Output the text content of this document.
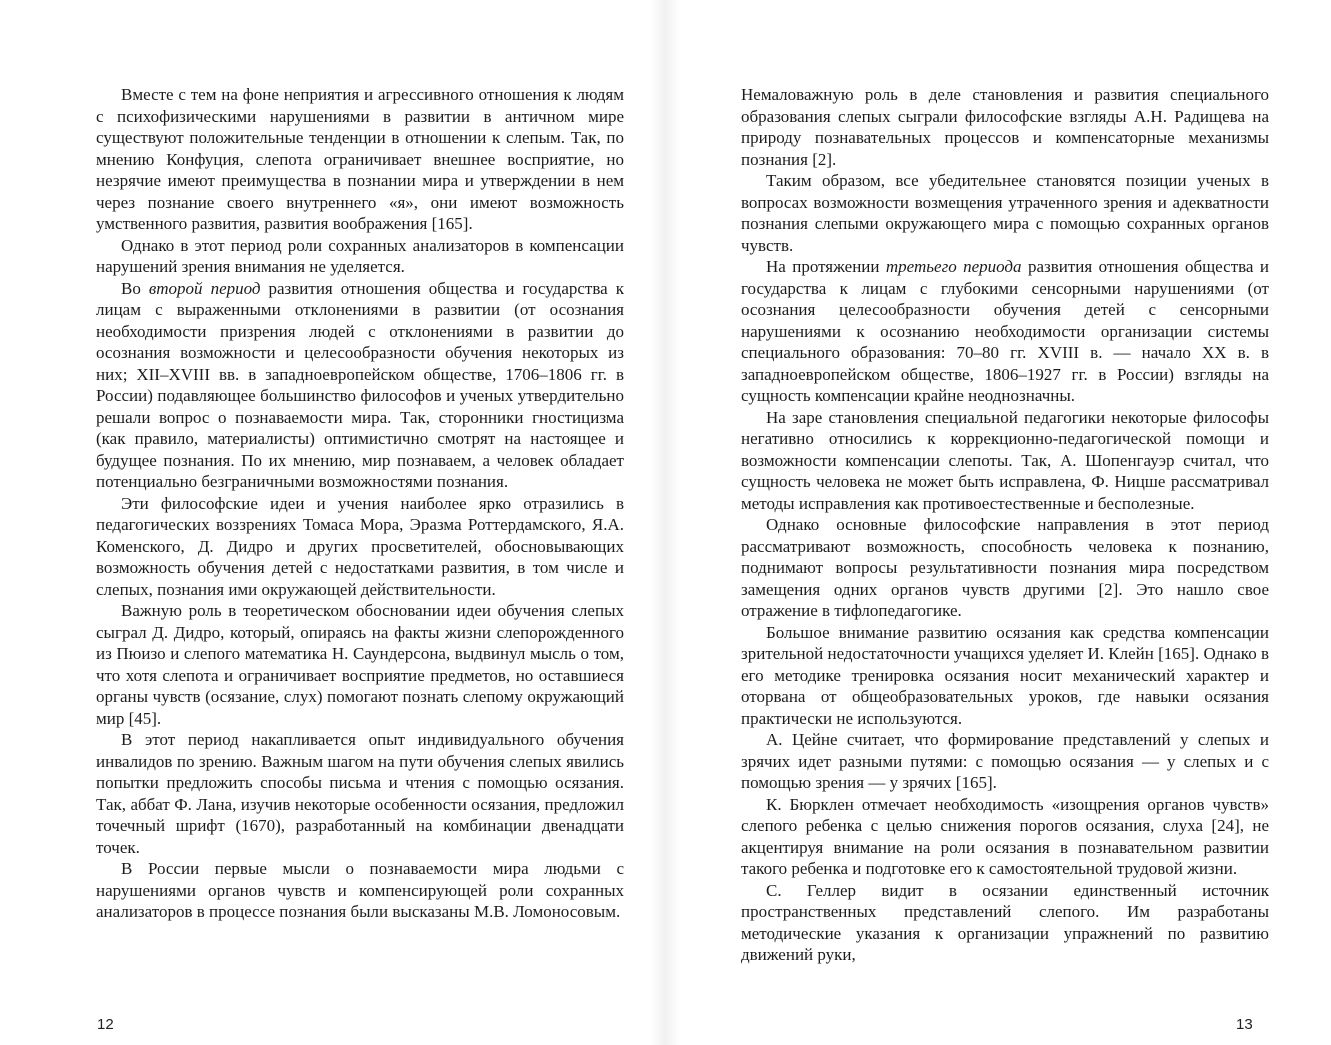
Вместе с тем на фоне неприятия и агрессивного отношения к людям с психофизическими нарушениями в развитии в античном мире существуют положительные тенденции в отношении к слепым. Так, по мнению Конфуция, слепота ограничивает внешнее восприятие, но незрячие имеют преимущества в познании мира и утверждении в нем через познание своего внутреннего «я», они имеют возможность умственного развития, развития воображения [165].

Однако в этот период роли сохранных анализаторов в компенсации нарушений зрения внимания не уделяется.

Во второй период развития отношения общества и государства к лицам с выраженными отклонениями в развитии (от осознания необходимости призрения людей с отклонениями в развитии до осознания возможности и целесообразности обучения некоторых из них; XII–XVIII вв. в западноевропейском обществе, 1706–1806 гг. в России) подавляющее большинство философов и ученых утвердительно решали вопрос о познаваемости мира. Так, сторонники гностицизма (как правило, материалисты) оптимистично смотрят на настоящее и будущее познания. По их мнению, мир познаваем, а человек обладает потенциально безграничными возможностями познания.

Эти философские идеи и учения наиболее ярко отразились в педагогических воззрениях Томаса Мора, Эразма Роттердамского, Я.А. Коменского, Д. Дидро и других просветителей, обосновывающих возможность обучения детей с недостатками развития, в том числе и слепых, познания ими окружающей действительности.

Важную роль в теоретическом обосновании идеи обучения слепых сыграл Д. Дидро, который, опираясь на факты жизни слепорожденного из Пюизо и слепого математика Н. Саундерсона, выдвинул мысль о том, что хотя слепота и ограничивает восприятие предметов, но оставшиеся органы чувств (осязание, слух) помогают познать слепому окружающий мир [45].

В этот период накапливается опыт индивидуального обучения инвалидов по зрению. Важным шагом на пути обучения слепых явились попытки предложить способы письма и чтения с помощью осязания. Так, аббат Ф. Лана, изучив некоторые особенности осязания, предложил точечный шрифт (1670), разработанный на комбинации двенадцати точек.

В России первые мысли о познаваемости мира людьми с нарушениями органов чувств и компенсирующей роли сохранных анализаторов в процессе познания были высказаны М.В. Ломоносовым.

12

Немаловажную роль в деле становления и развития специального образования слепых сыграли философские взгляды А.Н. Радищева на природу познавательных процессов и компенсаторные механизмы познания [2].

Таким образом, все убедительнее становятся позиции ученых в вопросах возможности возмещения утраченного зрения и адекватности познания слепыми окружающего мира с помощью сохранных органов чувств.

На протяжении третьего периода развития отношения общества и государства к лицам с глубокими сенсорными нарушениями (от осознания целесообразности обучения детей с сенсорными нарушениями к осознанию необходимости организации системы специального образования: 70–80 гг. XVIII в. — начало XX в. в западноевропейском обществе, 1806–1927 гг. в России) взгляды на сущность компенсации крайне неоднозначны.

На заре становления специальной педагогики некоторые философы негативно относились к коррекционно-педагогической помощи и возможности компенсации слепоты. Так, А. Шопенгауэр считал, что сущность человека не может быть исправлена, Ф. Ницше рассматривал методы исправления как противоестественные и бесполезные.

Однако основные философские направления в этот период рассматривают возможность, способность человека к познанию, поднимают вопросы результативности познания мира посредством замещения одних органов чувств другими [2]. Это нашло свое отражение в тифлопедагогике.

Большое внимание развитию осязания как средства компенсации зрительной недостаточности учащихся уделяет И. Клейн [165]. Однако в его методике тренировка осязания носит механический характер и оторвана от общеобразовательных уроков, где навыки осязания практически не используются.

А. Цейне считает, что формирование представлений у слепых и зрячих идет разными путями: с помощью осязания — у слепых и с помощью зрения — у зрячих [165].

К. Бюрклен отмечает необходимость «изощрения органов чувств» слепого ребенка с целью снижения порогов осязания, слуха [24], не акцентируя внимание на роли осязания в познавательном развитии такого ребенка и подготовке его к самостоятельной трудовой жизни.

С. Геллер видит в осязании единственный источник пространственных представлений слепого. Им разработаны методические указания к организации упражнений по развитию движений руки,

13
